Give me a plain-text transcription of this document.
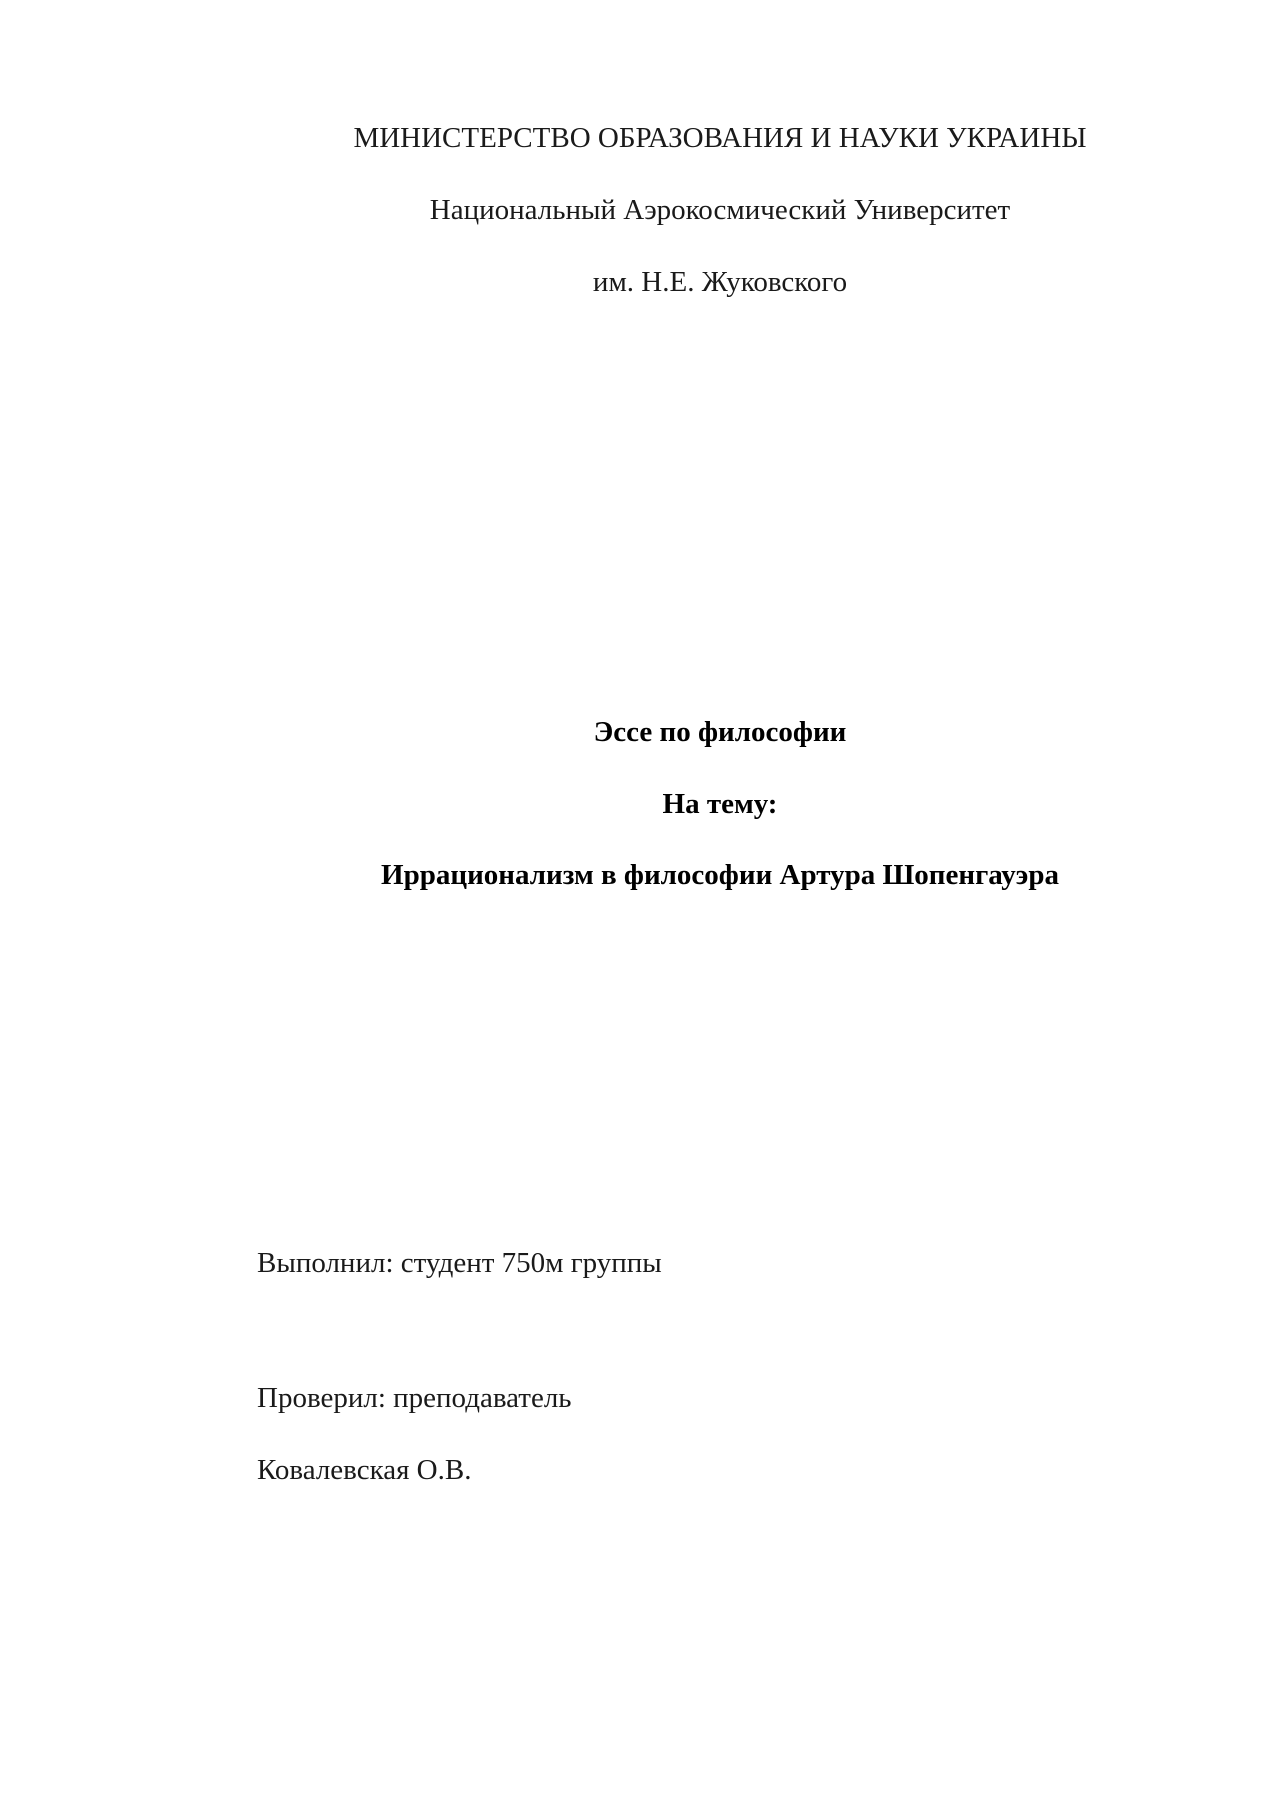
МИНИСТЕРСТВО ОБРАЗОВАНИЯ И НАУКИ УКРАИНЫ
Национальный Аэрокосмический Университет
им. Н.Е. Жуковского
Эссе по философии
На тему:
Иррационализм в философии Артура Шопенгауэра
Выполнил: студент 750м группы
Проверил: преподаватель
Ковалевская О.В.
